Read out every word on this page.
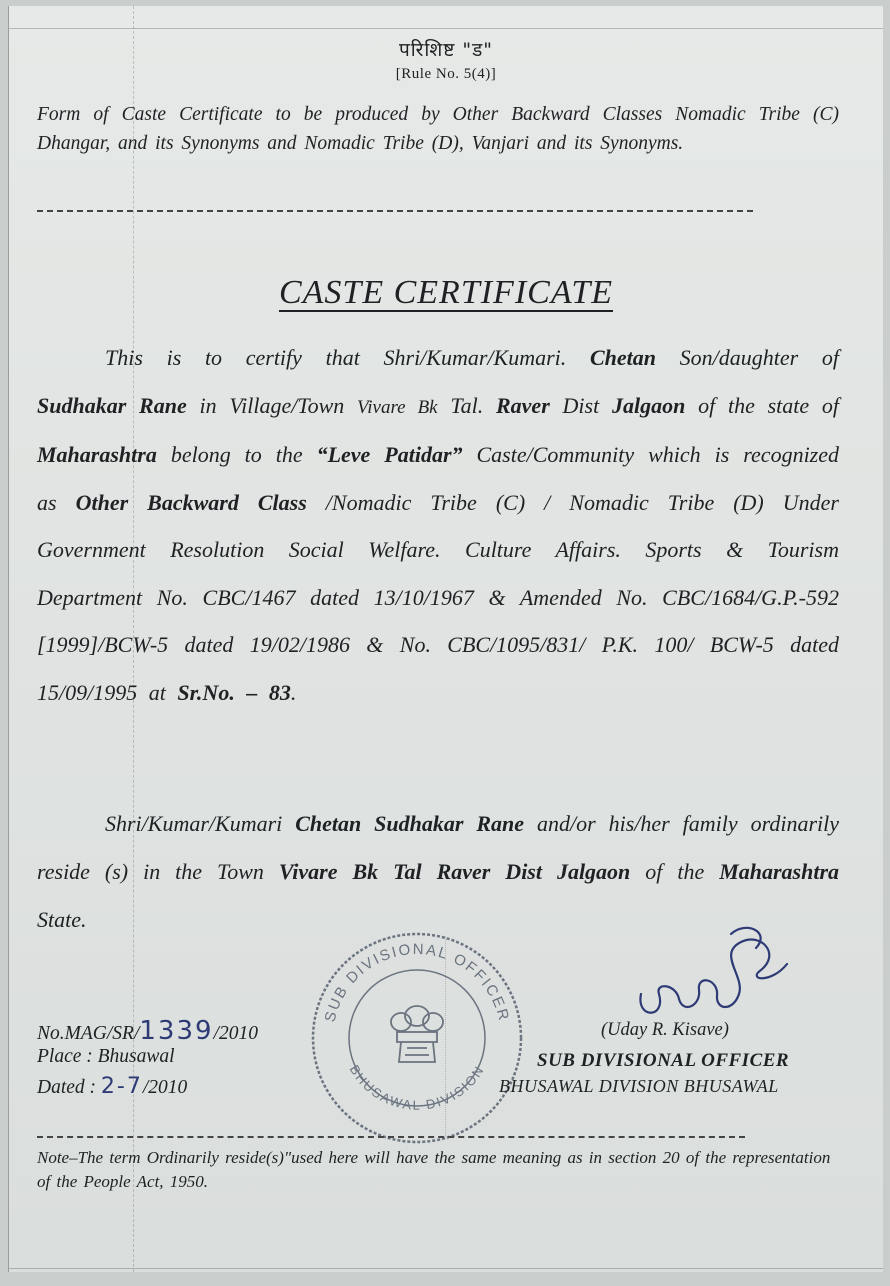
परिशिष्ट "ड"
[Rule No. 5(4)]
Form of Caste Certificate to be produced by Other Backward Classes Nomadic Tribe (C) Dhangar, and its Synonyms and Nomadic Tribe (D), Vanjari and its Synonyms.
CASTE CERTIFICATE
This is to certify that Shri/Kumar/Kumari. Chetan Son/daughter of Sudhakar Rane in Village/Town Vivare Bk Tal. Raver Dist Jalgaon of the state of Maharashtra belong to the “Leve Patidar” Caste/Community which is recognized as Other Backward Class /Nomadic Tribe (C) / Nomadic Tribe (D) Under Government Resolution Social Welfare. Culture Affairs. Sports & Tourism Department No. CBC/1467 dated 13/10/1967 & Amended No. CBC/1684/G.P.-592 [1999]/BCW-5 dated 19/02/1986 & No. CBC/1095/831/ P.K. 100/ BCW-5 dated 15/09/1995 at Sr.No. – 83.
Shri/Kumar/Kumari Chetan Sudhakar Rane and/or his/her family ordinarily reside (s) in the Town Vivare Bk Tal Raver Dist Jalgaon of the Maharashtra State.
No.MAG/SR/1339/2010
Place : Bhusawal
Dated : 2-7/2010
SUB DIVISIONAL OFFICER
BHUSAWAL DIVISION
(Uday R. Kisave)
SUB DIVISIONAL OFFICER
BHUSAWAL DIVISION BHUSAWAL
Note–The term Ordinarily reside(s)"used here will have the same meaning as in section 20 of the representation of the People Act, 1950.
